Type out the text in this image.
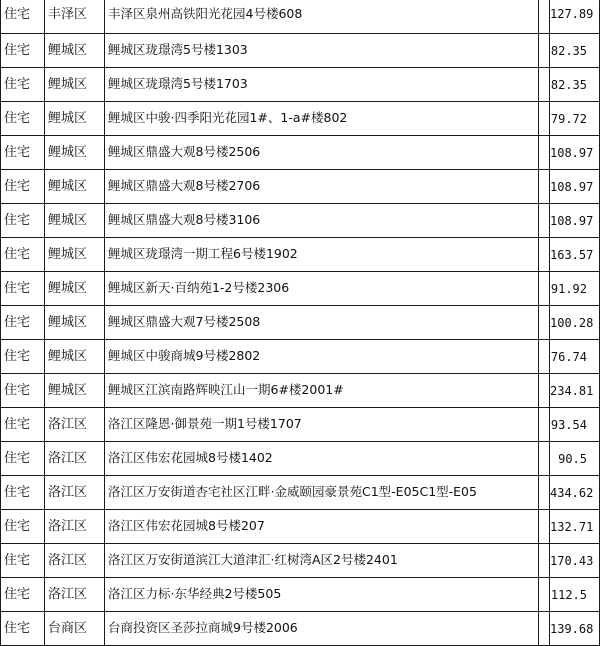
住宅	丰泽区	丰泽区泉州高铁阳光花园4号楼608		127.89
住宅	鲤城区	鲤城区珑璟湾5号楼1303		82.35
住宅	鲤城区	鲤城区珑璟湾5号楼1703		82.35
住宅	鲤城区	鲤城区中骏·四季阳光花园1#、1-a#楼802		79.72
住宅	鲤城区	鲤城区鼎盛大观8号楼2506		108.97
住宅	鲤城区	鲤城区鼎盛大观8号楼2706		108.97
住宅	鲤城区	鲤城区鼎盛大观8号楼3106		108.97
住宅	鲤城区	鲤城区珑璟湾一期工程6号楼1902		163.57
住宅	鲤城区	鲤城区新天·百纳苑1-2号楼2306		91.92
住宅	鲤城区	鲤城区鼎盛大观7号楼2508		100.28
住宅	鲤城区	鲤城区中骏商城9号楼2802		76.74
住宅	鲤城区	鲤城区江滨南路辉映江山一期6#楼2001#		234.81
住宅	洛江区	洛江区隆恩·御景苑一期1号楼1707		93.54
住宅	洛江区	洛江区伟宏花园城8号楼1402		90.5
住宅	洛江区	洛江区万安街道杏宅社区江畔·金威颐园豪景苑C1型-E05C1型-E05		434.62
住宅	洛江区	洛江区伟宏花园城8号楼207		132.71
住宅	洛江区	洛江区万安街道滨江大道津汇·红树湾A区2号楼2401		170.43
住宅	洛江区	洛江区力标·东华经典2号楼505		112.5
住宅	台商区	台商投资区圣莎拉商城9号楼2006		139.68
